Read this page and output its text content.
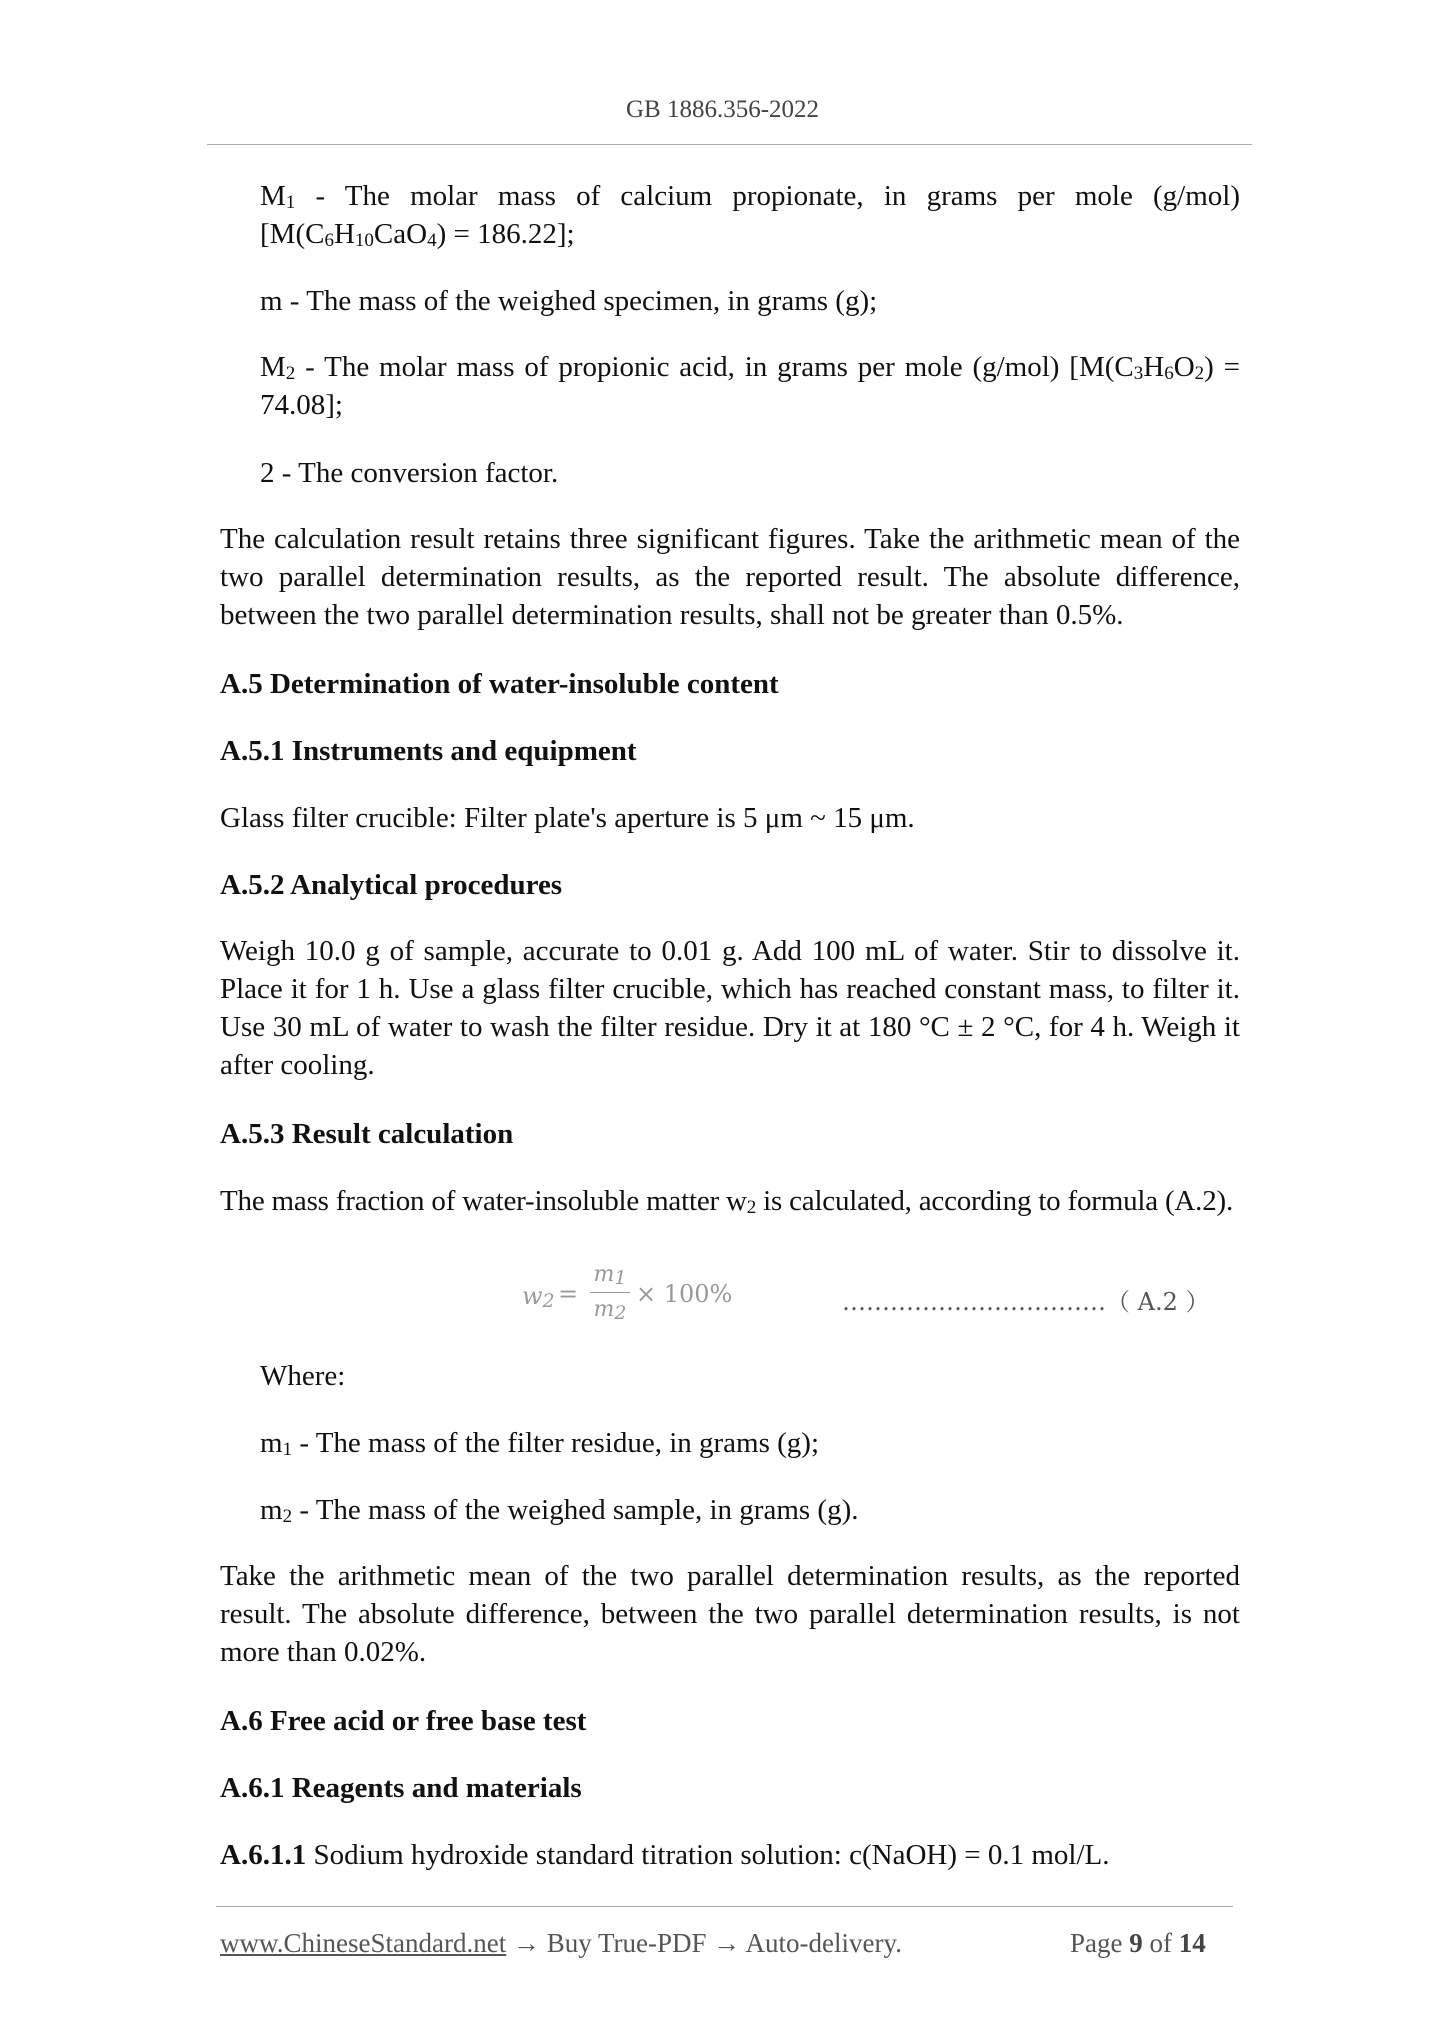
GB 1886.356-2022

$M_1$ - The molar mass of calcium propionate, in grams per mole (g/mol) $[M(C_6H_{10}CaO_4) = 186.22]$;

m - The mass of the weighed specimen, in grams (g);

$M_2$ - The molar mass of propionic acid, in grams per mole (g/mol) $[M(C_3H_6O_2) = 74.08]$;

2 - The conversion factor.

The calculation result retains three significant figures. Take the arithmetic mean of the two parallel determination results, as the reported result. The absolute difference, between the two parallel determination results, shall not be greater than 0.5%.

A.5 Determination of water-insoluble content

A.5.1 Instruments and equipment

Glass filter crucible: Filter plate's aperture is 5 μm ~ 15 μm.

A.5.2 Analytical procedures

Weigh 10.0 g of sample, accurate to 0.01 g. Add 100 mL of water. Stir to dissolve it. Place it for 1 h. Use a glass filter crucible, which has reached constant mass, to filter it. Use 30 mL of water to wash the filter residue. Dry it at 180 °C ± 2 °C, for 4 h. Weigh it after cooling.

A.5.3 Result calculation

The mass fraction of water-insoluble matter $w_2$ is calculated, according to formula (A.2).

Where:

$m_1$ - The mass of the filter residue, in grams (g);

$m_2$ - The mass of the weighed sample, in grams (g).

Take the arithmetic mean of the two parallel determination results, as the reported result. The absolute difference, between the two parallel determination results, is not more than 0.02%.

A.6 Free acid or free base test

A.6.1 Reagents and materials

A.6.1.1 Sodium hydroxide standard titration solution: c(NaOH) = 0.1 mol/L.

$w_2$ =
$m_1$
$m_2$
× 100%	……………………………（ A.2 ）
www.ChineseStandard.net → Buy True-PDF → Auto-delivery.	Page 9 of 14
